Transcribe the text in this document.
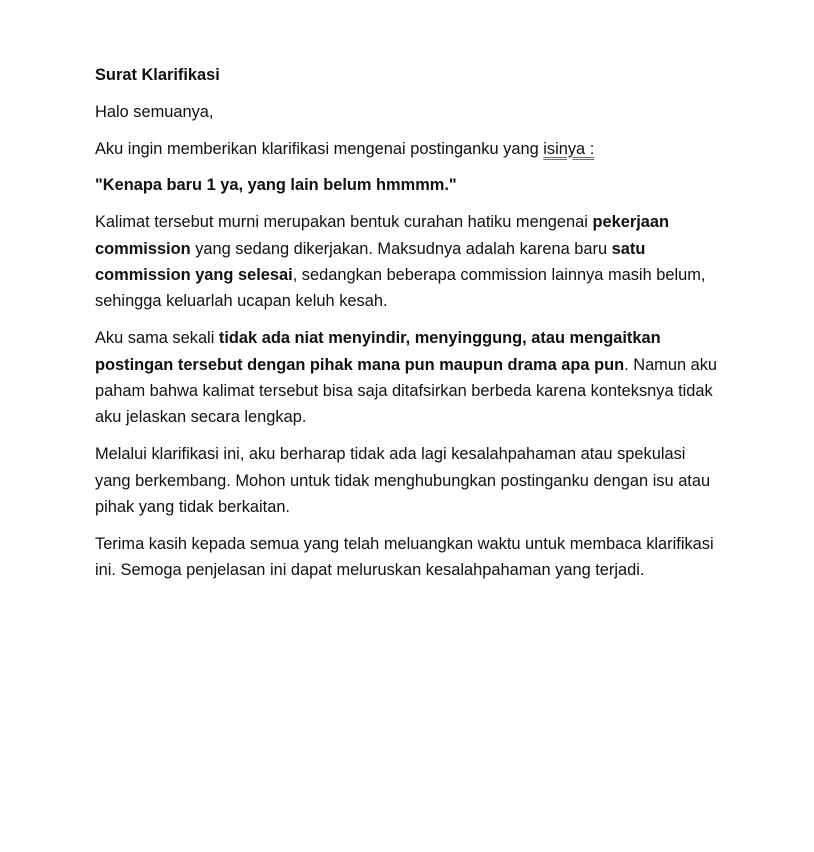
Surat Klarifikasi

Halo semuanya,

Aku ingin memberikan klarifikasi mengenai postinganku yang isinya :

"Kenapa baru 1 ya, yang lain belum hmmmm."

Kalimat tersebut murni merupakan bentuk curahan hatiku mengenai pekerjaan commission yang sedang dikerjakan. Maksudnya adalah karena baru satu commission yang selesai, sedangkan beberapa commission lainnya masih belum, sehingga keluarlah ucapan keluh kesah.

Aku sama sekali tidak ada niat menyindir, menyinggung, atau mengaitkan postingan tersebut dengan pihak mana pun maupun drama apa pun. Namun aku paham bahwa kalimat tersebut bisa saja ditafsirkan berbeda karena konteksnya tidak aku jelaskan secara lengkap.

Melalui klarifikasi ini, aku berharap tidak ada lagi kesalahpahaman atau spekulasi yang berkembang. Mohon untuk tidak menghubungkan postinganku dengan isu atau pihak yang tidak berkaitan.

Terima kasih kepada semua yang telah meluangkan waktu untuk membaca klarifikasi ini. Semoga penjelasan ini dapat meluruskan kesalahpahaman yang terjadi.
